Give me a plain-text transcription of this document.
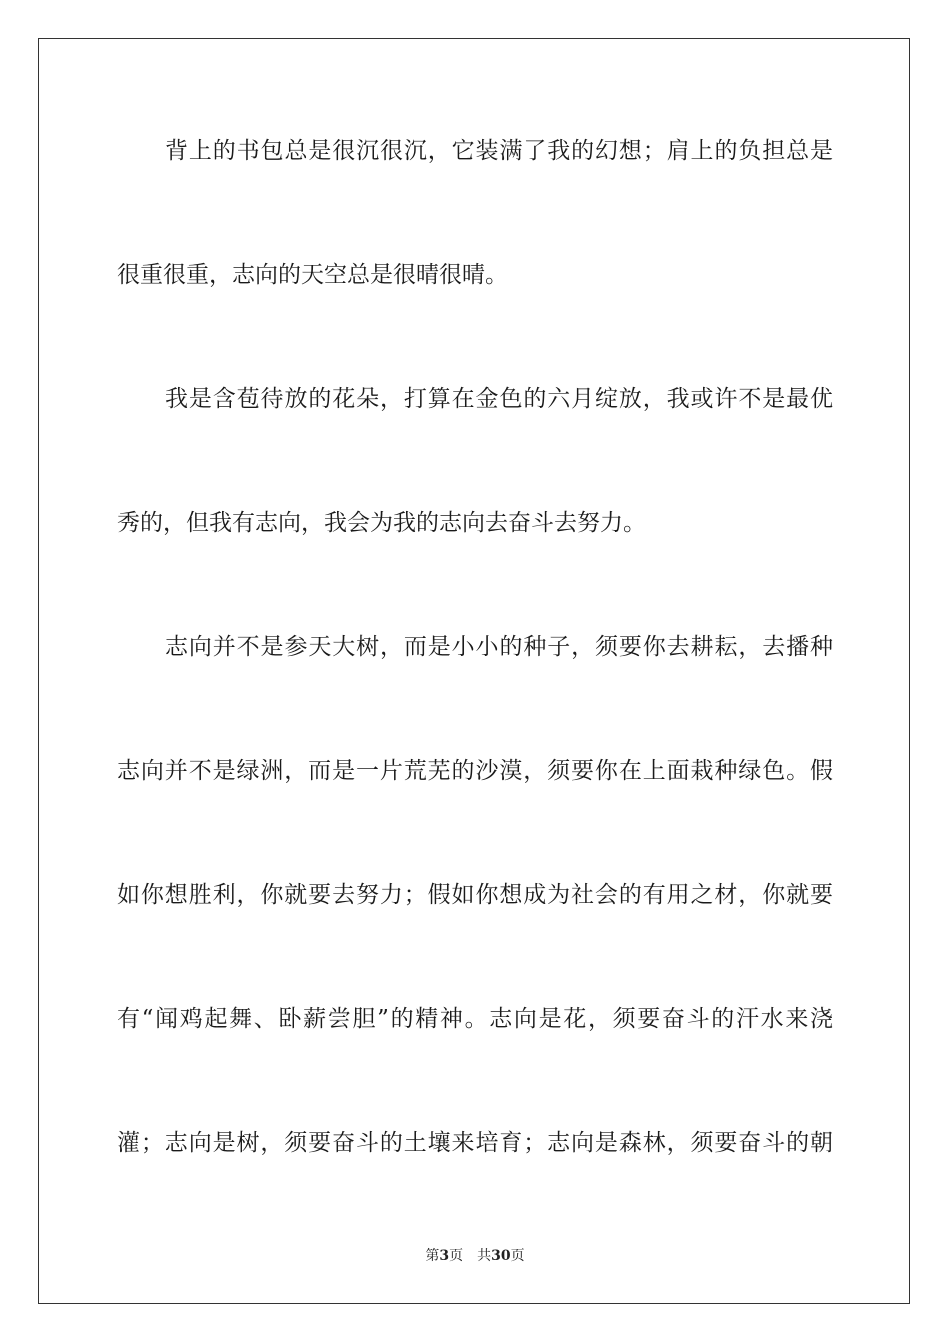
背上的书包总是很沉很沉，它装满了我的幻想；肩上的负担总是
很重很重，志向的天空总是很晴很晴。
我是含苞待放的花朵，打算在金色的六月绽放，我或许不是最优
秀的，但我有志向，我会为我的志向去奋斗去努力。
志向并不是参天大树，而是小小的种子，须要你去耕耘，去播种
志向并不是绿洲，而是一片荒芜的沙漠，须要你在上面栽种绿色。假
如你想胜利，你就要去努力；假如你想成为社会的有用之材，你就要
有“闻鸡起舞、卧薪尝胆”的精神。志向是花，须要奋斗的汗水来浇
灌；志向是树，须要奋斗的土壤来培育；志向是森林，须要奋斗的朝
第3页 共30页
